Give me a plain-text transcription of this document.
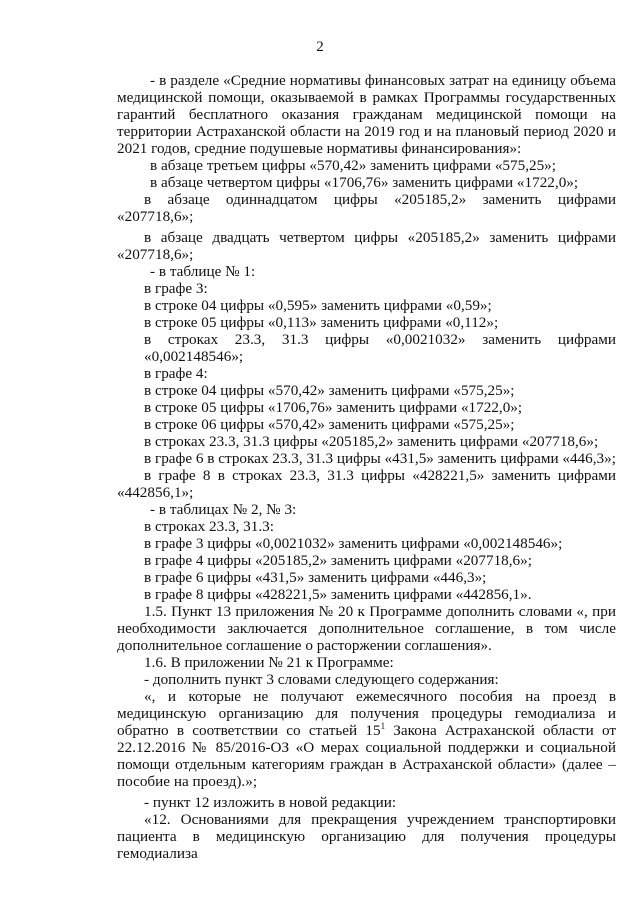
2

- в разделе «Средние нормативы финансовых затрат на единицу объема медицинской помощи, оказываемой в рамках Программы государственных гарантий бесплатного оказания гражданам медицинской помощи на территории Астраханской области на 2019 год и на плановый период 2020 и 2021 годов, средние подушевые нормативы финансирования»:

в абзаце третьем цифры «570,42» заменить цифрами «575,25»;

в абзаце четвертом цифры «1706,76» заменить цифрами «1722,0»;

в абзаце одиннадцатом цифры «205185,2» заменить цифрами «207718,6»;

в абзаце двадцать четвертом цифры «205185,2» заменить цифрами «207718,6»;

- в таблице № 1:

в графе 3:

в строке 04 цифры «0,595» заменить цифрами «0,59»;

в строке 05 цифры «0,113» заменить цифрами «0,112»;

в строках 23.3, 31.3 цифры «0,0021032» заменить цифрами «0,002148546»;

в графе 4:

в строке 04 цифры «570,42» заменить цифрами «575,25»;

в строке 05 цифры «1706,76» заменить цифрами «1722,0»;

в строке 06 цифры «570,42» заменить цифрами «575,25»;

в строках 23.3, 31.3 цифры «205185,2» заменить цифрами «207718,6»;

в графе 6 в строках 23.3, 31.3 цифры «431,5» заменить цифрами «446,3»;

в графе 8 в строках 23.3, 31.3 цифры «428221,5» заменить цифрами «442856,1»;

- в таблицах № 2, № 3:

в строках 23.3, 31.3:

в графе 3 цифры «0,0021032» заменить цифрами «0,002148546»;

в графе 4 цифры «205185,2» заменить цифрами «207718,6»;

в графе 6 цифры «431,5» заменить цифрами «446,3»;

в графе 8 цифры «428221,5» заменить цифрами «442856,1».

1.5. Пункт 13 приложения № 20 к Программе дополнить словами «, при необходимости заключается дополнительное соглашение, в том числе дополнительное соглашение о расторжении соглашения».

1.6. В приложении № 21 к Программе:

- дополнить пункт 3 словами следующего содержания:

«, и которые не получают ежемесячного пособия на проезд в медицинскую организацию для получения процедуры гемодиализа и обратно в соответствии со статьей $15^1$ Закона Астраханской области от 22.12.2016 № 85/2016-ОЗ «О мерах социальной поддержки и социальной помощи отдельным категориям граждан в Астраханской области» (далее – пособие на проезд).»;

- пункт 12 изложить в новой редакции:

«12. Основаниями для прекращения учреждением транспортировки пациента в медицинскую организацию для получения процедуры гемодиализа
